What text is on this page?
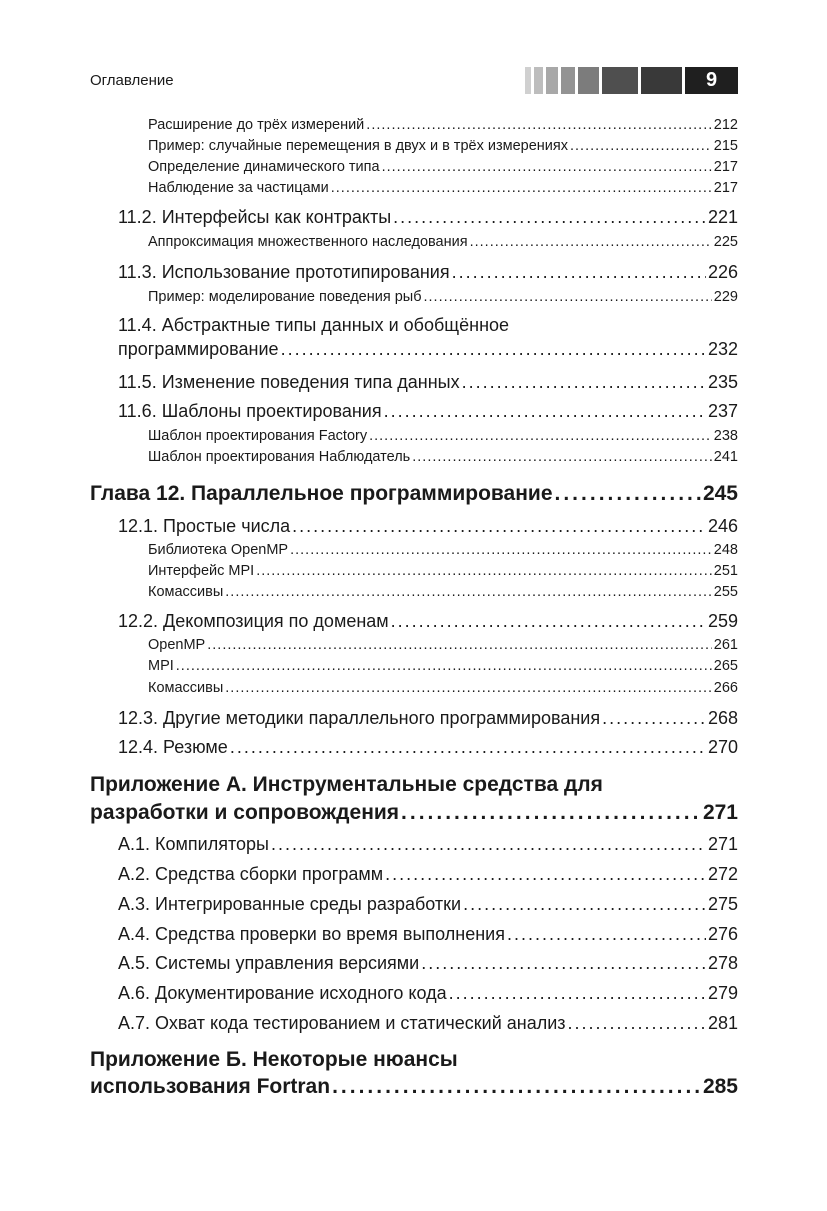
Оглавление	9
Расширение до трёх измерений .....	212
Пример: случайные перемещения в двух и в трёх измерениях .....	215
Определение динамического типа .....	217
Наблюдение за частицами .....	217
11.2. Интерфейсы как контракты .....	221
Аппроксимация множественного наследования .....	225
11.3. Использование прототипирования .....	226
Пример: моделирование поведения рыб .....	229
11.4. Абстрактные типы данных и обобщённое
программирование .....	232
11.5. Изменение поведения типа данных .....	235
11.6. Шаблоны проектирования .....	237
Шаблон проектирования Factory .....	238
Шаблон проектирования Наблюдатель .....	241
Глава 12. Параллельное программирование .....	245
12.1. Простые числа .....	246
Библиотека OpenMP .....	248
Интерфейс MPI .....	251
Комассивы .....	255
12.2. Декомпозиция по доменам .....	259
OpenMP .....	261
MPI .....	265
Комассивы .....	266
12.3. Другие методики параллельного программирования .....	268
12.4. Резюме .....	270
Приложение А. Инструментальные средства для
разработки и сопровождения .....	271
A.1. Компиляторы .....	271
A.2. Средства сборки программ .....	272
A.3. Интегрированные среды разработки .....	275
A.4. Средства проверки во время выполнения .....	276
A.5. Системы управления версиями .....	278
A.6. Документирование исходного кода .....	279
A.7. Охват кода тестированием и статический анализ .....	281
Приложение Б. Некоторые нюансы
использования Fortran .....	285
